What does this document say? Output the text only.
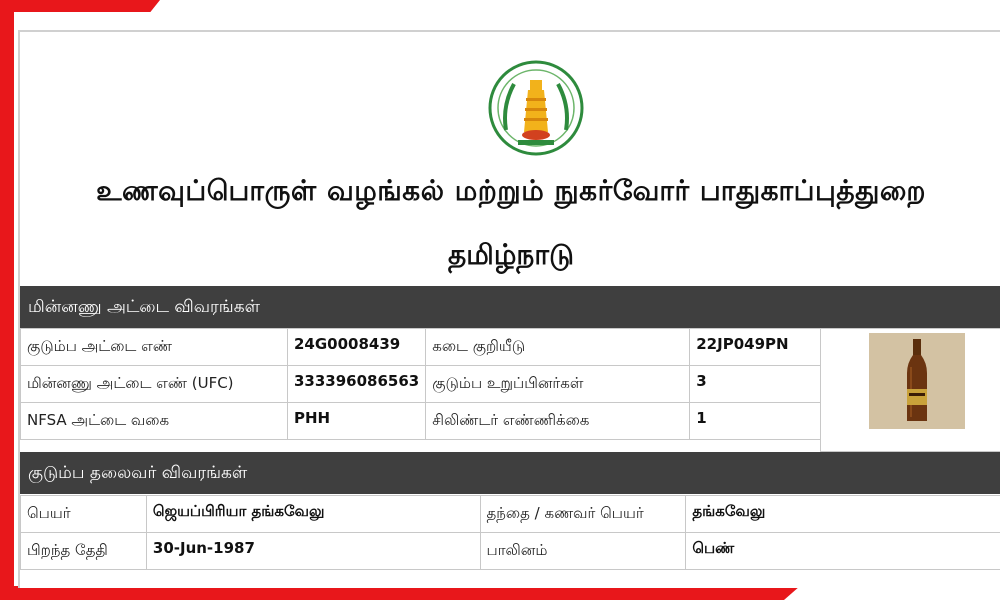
உணவுப்பொருள் வழங்கல் மற்றும் நுகர்வோர் பாதுகாப்புத்துறை
தமிழ்நாடு
மின்னணு அட்டை விவரங்கள்
குடும்ப அட்டை எண்	24G0008439	கடை குறியீடு	22JP049PN
மின்னணு அட்டை எண் (UFC)	333396086563	குடும்ப உறுப்பினர்கள்	3
NFSA அட்டை வகை	PHH	சிலிண்டர் எண்ணிக்கை	1
குடும்ப தலைவர் விவரங்கள்
பெயர்	ஜெயப்பிரியா தங்கவேலு	தந்தை / கணவர் பெயர்	தங்கவேலு
பிறந்த தேதி	30-Jun-1987	பாலினம்	பெண்
